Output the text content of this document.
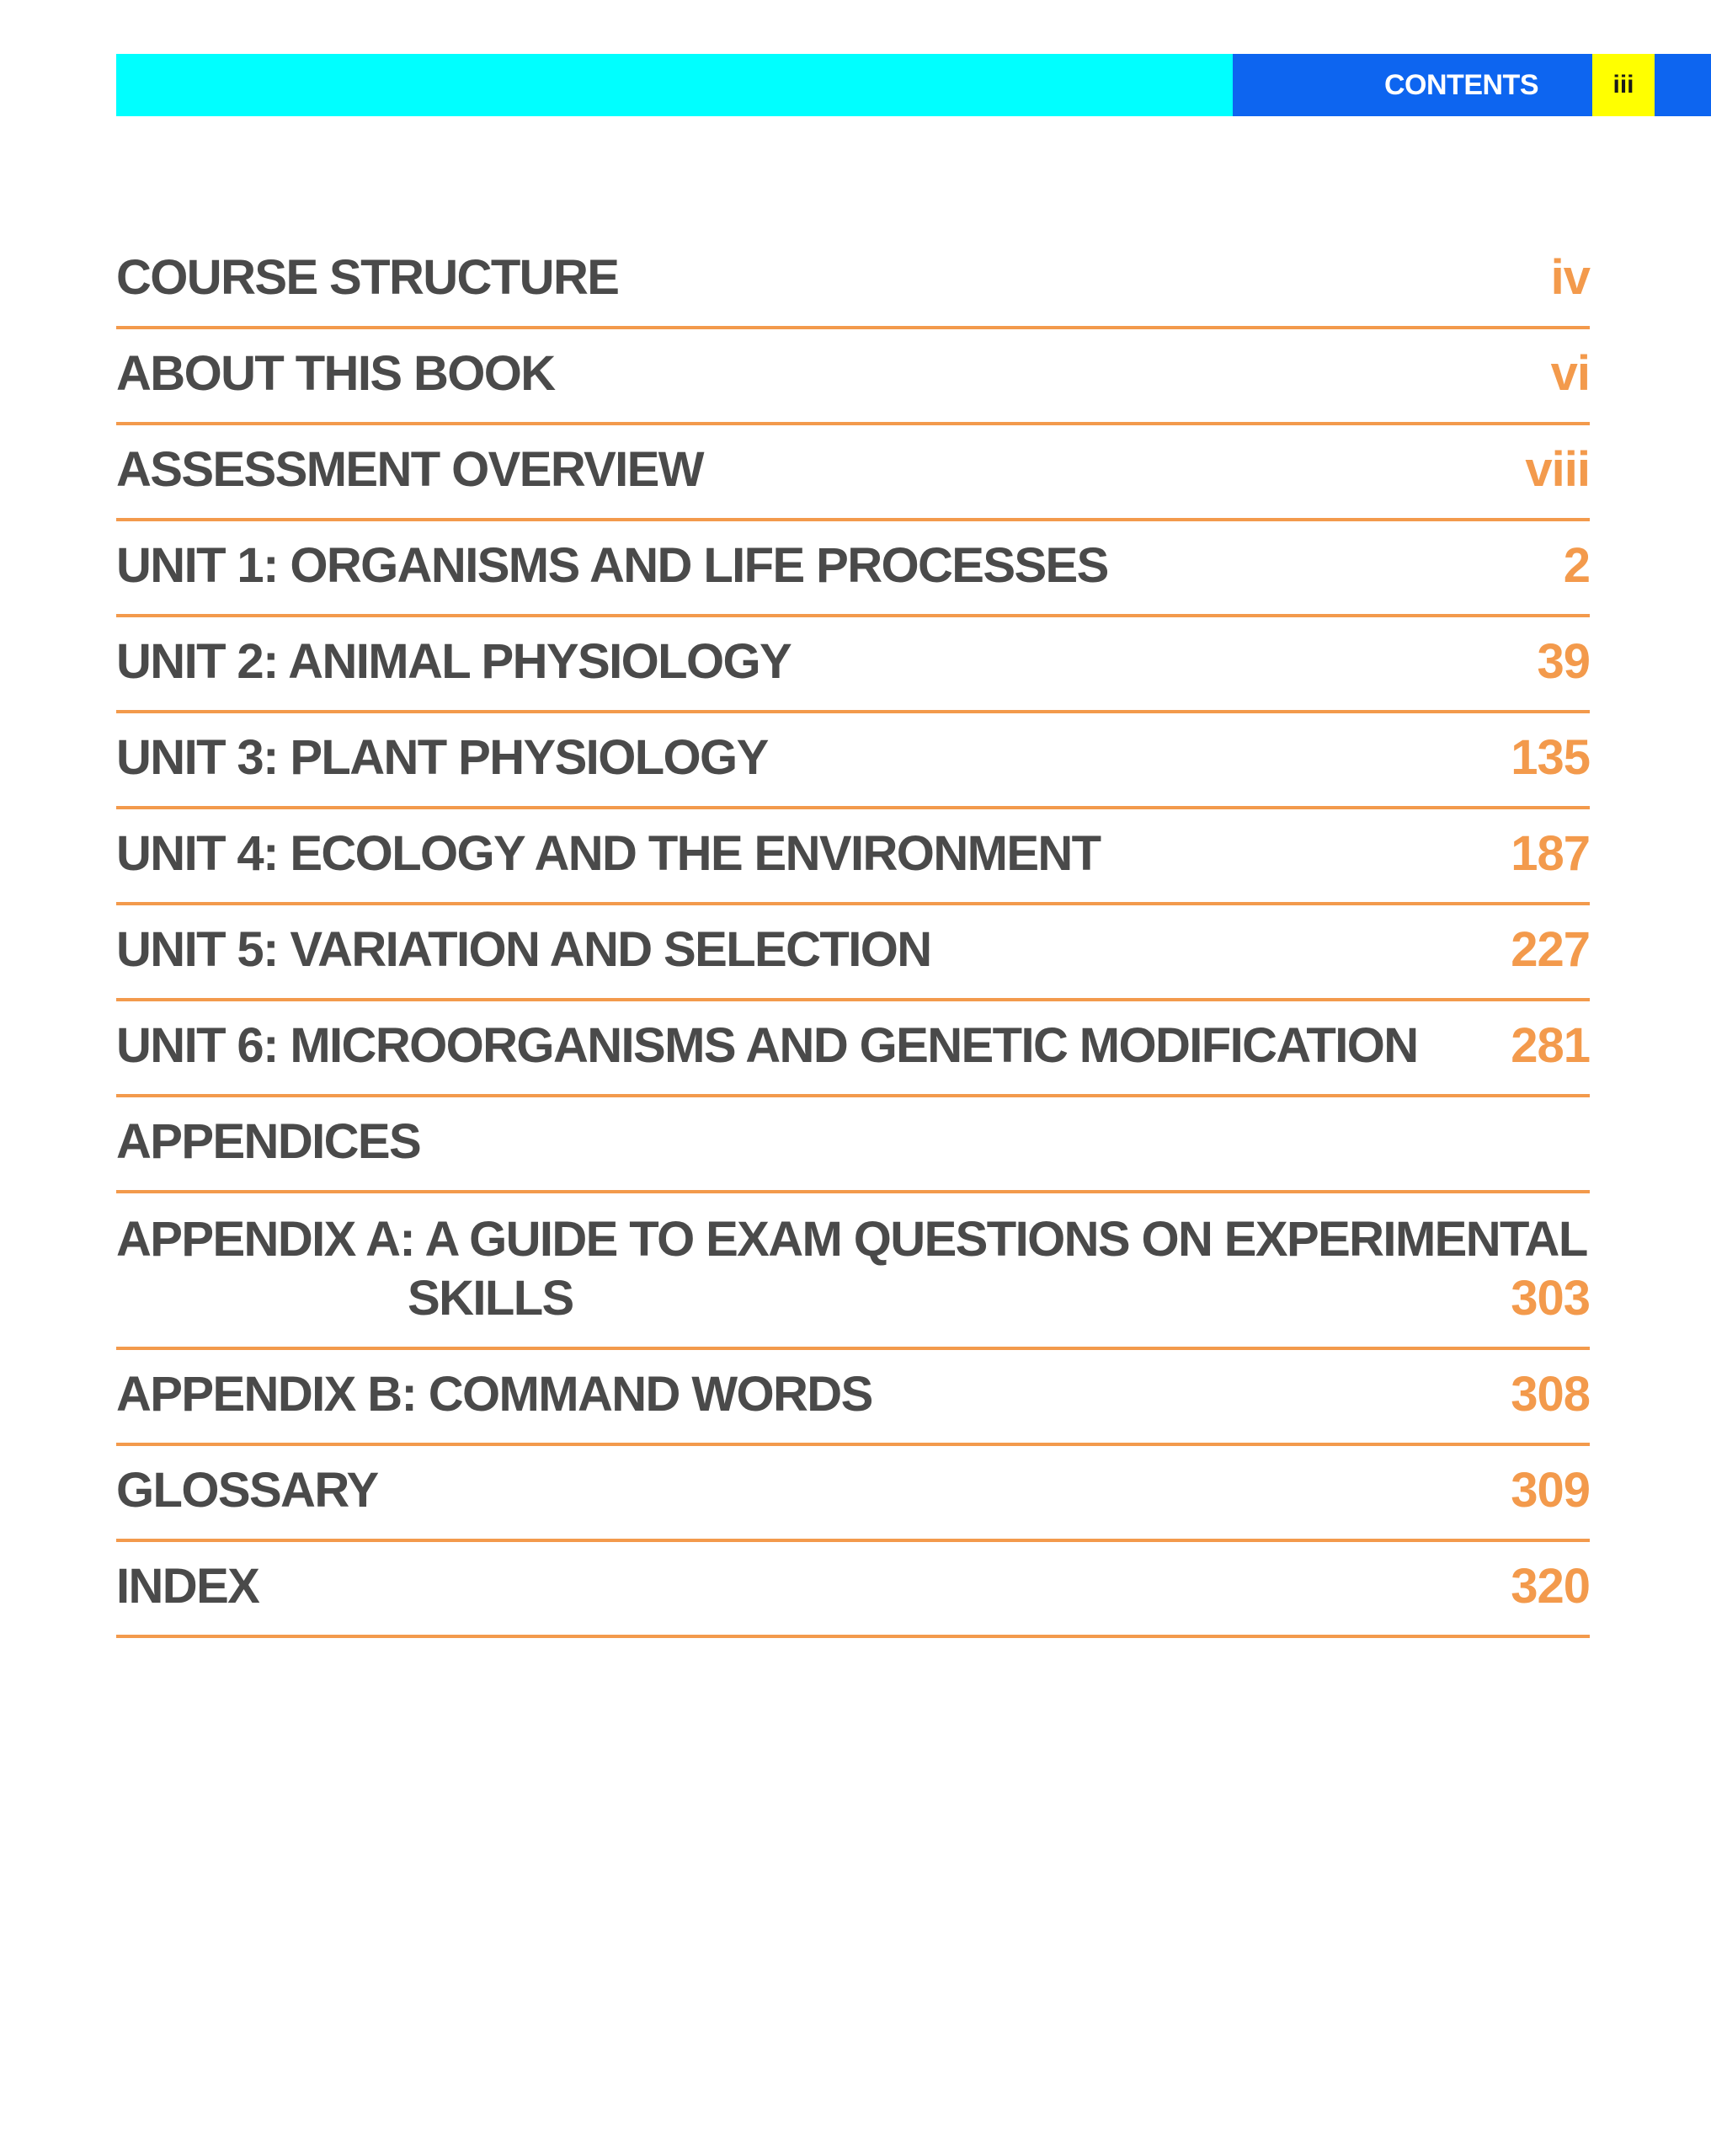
CONTENTS	iii
COURSE STRUCTURE	iv
ABOUT THIS BOOK	vi
ASSESSMENT OVERVIEW	viii
UNIT 1: ORGANISMS AND LIFE PROCESSES	2
UNIT 2: ANIMAL PHYSIOLOGY	39
UNIT 3: PLANT PHYSIOLOGY	135
UNIT 4: ECOLOGY AND THE ENVIRONMENT	187
UNIT 5: VARIATION AND SELECTION	227
UNIT 6: MICROORGANISMS AND GENETIC MODIFICATION 281
APPENDICES
APPENDIX A: A GUIDE TO EXAM QUESTIONS ON EXPERIMENTAL
SKILLS	303
APPENDIX B: COMMAND WORDS	308
GLOSSARY	309
INDEX	320
